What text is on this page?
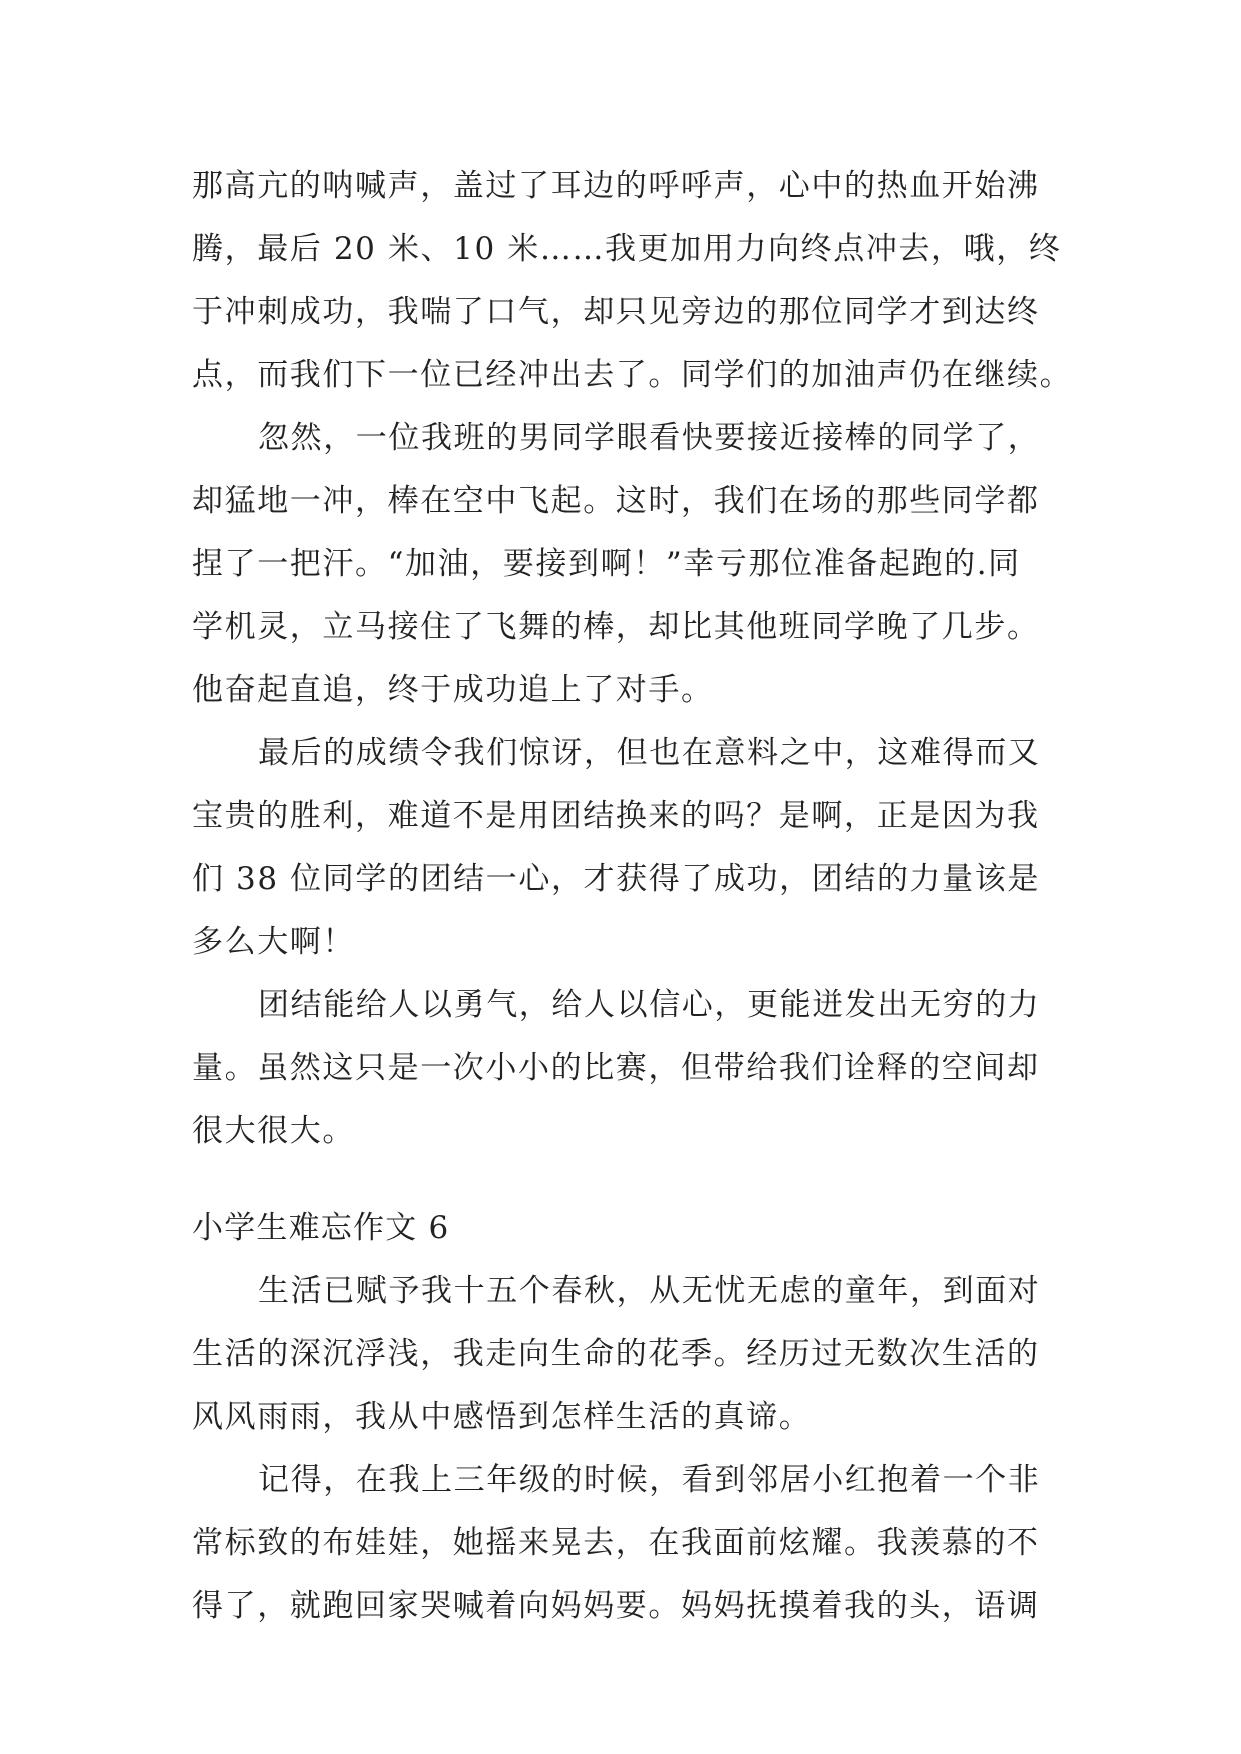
那高亢的呐喊声，盖过了耳边的呼呼声，心中的热血开始沸
腾，最后 20 米、10 米……我更加用力向终点冲去，哦，终
于冲刺成功，我喘了口气，却只见旁边的那位同学才到达终
点，而我们下一位已经冲出去了。同学们的加油声仍在继续。
忽然，一位我班的男同学眼看快要接近接棒的同学了，
却猛地一冲，棒在空中飞起。这时，我们在场的那些同学都
捏了一把汗。“加油，要接到啊！”幸亏那位准备起跑的.同
学机灵，立马接住了飞舞的棒，却比其他班同学晚了几步。
他奋起直追，终于成功追上了对手。
最后的成绩令我们惊讶，但也在意料之中，这难得而又
宝贵的胜利，难道不是用团结换来的吗？是啊，正是因为我
们 38 位同学的团结一心，才获得了成功，团结的力量该是
多么大啊！
团结能给人以勇气，给人以信心，更能迸发出无穷的力
量。虽然这只是一次小小的比赛，但带给我们诠释的空间却
很大很大。
小学生难忘作文 6
生活已赋予我十五个春秋，从无忧无虑的童年，到面对
生活的深沉浮浅，我走向生命的花季。经历过无数次生活的
风风雨雨，我从中感悟到怎样生活的真谛。
记得，在我上三年级的时候，看到邻居小红抱着一个非
常标致的布娃娃，她摇来晃去，在我面前炫耀。我羡慕的不
得了，就跑回家哭喊着向妈妈要。妈妈抚摸着我的头，语调
